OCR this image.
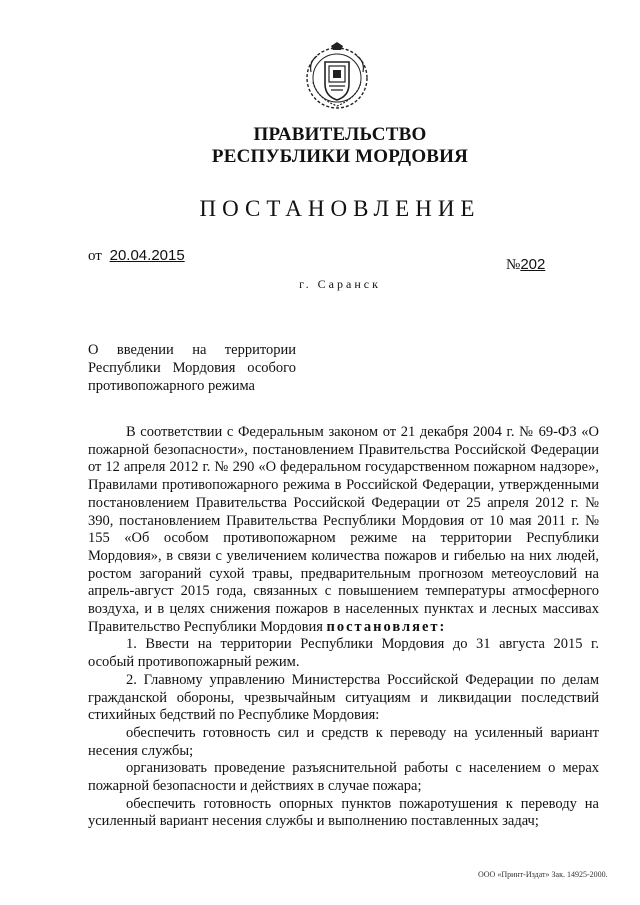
ПРАВИТЕЛЬСТВО
РЕСПУБЛИКИ МОРДОВИЯ
ПОСТАНОВЛЕНИЕ
от 20.04.2015
№202
г. Саранск
О введении на территории Республики Мордовия особого противопожарного режима

В соответствии с Федеральным законом от 21 декабря 2004 г. № 69-ФЗ «О пожарной безопасности», постановлением Правительства Российской Федерации от 12 апреля 2012 г. № 290 «О федеральном государственном пожарном надзоре», Правилами противопожарного режима в Российской Федерации, утвержденными постановлением Правительства Российской Федерации от 25 апреля 2012 г. № 390, постановлением Правительства Республики Мордовия от 10 мая 2011 г. № 155 «Об особом противопожарном режиме на территории Республики Мордовия», в связи с увеличением количества пожаров и гибелью на них людей, ростом загораний сухой травы, предварительным прогнозом метеоусловий на апрель-август 2015 года, связанных с повышением температуры атмосферного воздуха, и в целях снижения пожаров в населенных пунктах и лесных массивах Правительство Республики Мордовия постановляет:

1. Ввести на территории Республики Мордовия до 31 августа 2015 г. особый противопожарный режим.

2. Главному управлению Министерства Российской Федерации по делам гражданской обороны, чрезвычайным ситуациям и ликвидации последствий стихийных бедствий по Республике Мордовия:

обеспечить готовность сил и средств к переводу на усиленный вариант несения службы;

организовать проведение разъяснительной работы с населением о мерах пожарной безопасности и действиях в случае пожара;

обеспечить готовность опорных пунктов пожаротушения к переводу на усиленный вариант несения службы и выполнению поставленных задач;

ООО «Принт-Издат» Зак. 14925-2000.
